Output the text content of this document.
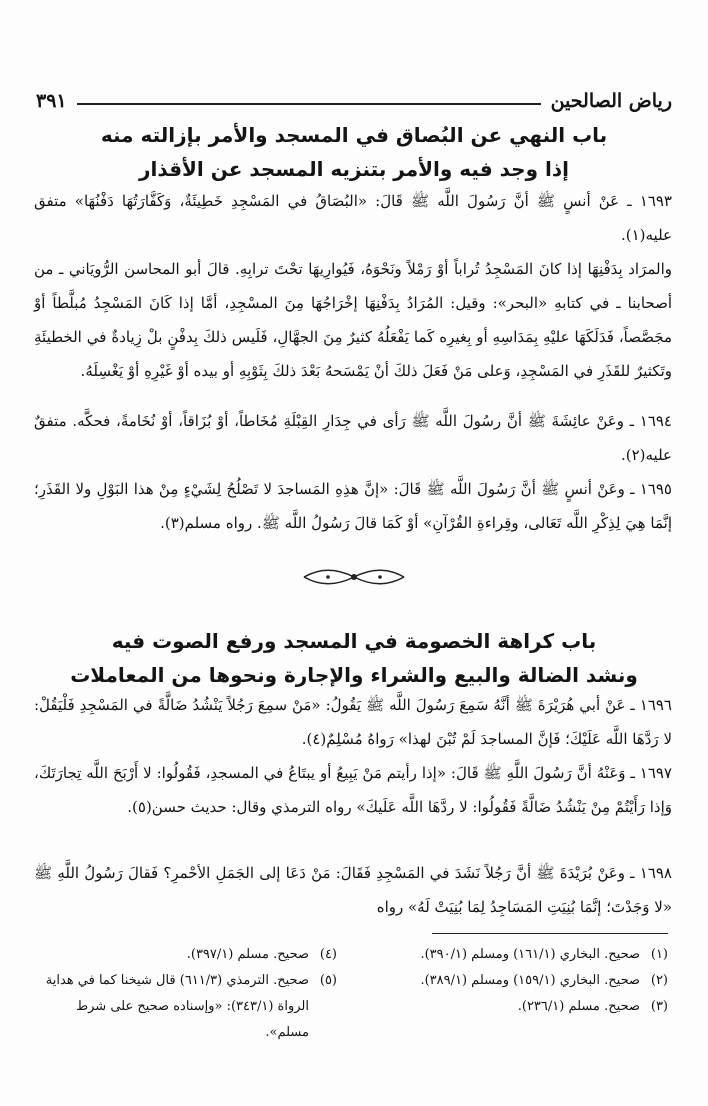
رياض الصالحين
٣٩١
باب النهي عن البُصاق في المسجد والأمر بإزالته منه
إذا وجد فيه والأمر بتنزيه المسجد عن الأقذار
١٦٩٣ ـ عَنْ أنسٍ ﷺ أنَّ رَسُولَ اللَّه ﷺ قَالَ: «البُصَاقُ في المَسْجِدِ خَطِيئَةٌ، وَكَفَّارَتُهَا دَفْنُهَا» متفق عليه(١).
والمرَاد بِدَفْنِهَا إذا كانَ المَسْجِدُ تُراباً أوْ رَمْلاً ونَحْوَهُ، فَيُوارِيهَا تحْتَ ترابِهِ. قالَ أبو المحاسن الرُّويَاني ـ من أصحابنا ـ في كتابهِ «البحر»: وقيل: المُرَادُ بِدَفْنِهَا إخْرَاجُهَا مِنَ المسْجِدِ، أمَّا إذا كَانَ المَسْجِدُ مُبلَّطاً أوْ مجَصَّصاً، فَدَلَكَهَا عليْهِ بِمَدَاسِهِ أو بِغيرِه كَما يَفْعَلُهُ كثيرٌ مِنَ الجهَّالِ، فَلَيس ذلكَ بِدفْنٍ بلْ زِيادةٌ في الخطيئَةِ وتَكثيرٌ للقَذَرِ في المَسْجِدِ، وَعلى مَنْ فَعَلَ ذلكَ أنْ يَمْسَحهُ بَعْدَ ذلكَ بِثَوْبِهِ أو بيده أوْ غَيْرِهِ أوْ يَغْسِلَهُ.
١٦٩٤ ـ وعَنْ عائِشَةَ ﷺ أنَّ رسُولَ اللَّه ﷺ رَأى في جِدَارِ القِبْلَةِ مُخَاطاً، أوْ بُزَاقاً، أوْ نُخَامةً، فحكَّه. متفقٌ عليه(٢).
١٦٩٥ ـ وعَنْ أنسٍ ﷺ أنَّ رَسُولَ اللَّه ﷺ قَالَ: «إنَّ هذِهِ المَساجدَ لا تَصْلُحُ لِشَيْءٍ مِنْ هذا البَوْلِ ولا القَذَرِ؛ إنَّمَا هِيَ لِذِكْرِ اللَّه تَعَالى، وقِراءةِ القُرْآنِ» أوْ كَمَا قالَ رَسُولُ اللَّه ﷺ. رواه مسلم(٣).
باب كراهة الخصومة في المسجد ورفع الصوت فيه
ونشد الضالة والبيع والشراء والإجارة ونحوها من المعاملات
١٦٩٦ ـ عَنْ أبي هُرَيْرَةَ ﷺ أنَّهُ سَمِعَ رَسُولَ اللَّه ﷺ يَقُولُ: «مَنْ سمِعَ رَجُلاً يَنْشُدُ ضَالَّةً في المَسْجِدِ فَلْيَقُلْ: لا رَدَّهَا اللَّه عَلَيْكَ؛ فَإنَّ المساجدَ لَمْ تُبْنَ لهذا» رَواهُ مُسْلِمٌ(٤).
١٦٩٧ ـ وَعَنْهُ أنَّ رَسُولَ اللَّهِ ﷺ قَالَ: «إذا رأيتم مَنْ يَبِيعُ أو يبتَاعُ في المسجدِ، فَقُولُوا: لا أَرْبَحَ اللَّه تِجارَتَكَ، وَإذا رَأَيْتُمْ مِنْ يَنْشُدُ ضَالَّةً فَقُولُوا: لا ردَّهَا اللَّه عَلَيكَ» رواه الترمذي وقال: حديث حسن(٥).
١٦٩٨ ـ وعَنْ بُرَيْدَةَ ﷺ أنَّ رَجُلاً نَشَدَ في المَسْجِدِ فَقَالَ: مَنْ دَعَا إلى الجَمَلِ الأحْمرِ؟ فَقالَ رَسُولُ اللَّهِ ﷺ «لا وَجَدْتَ؛ إنَّمَا بُنِيَتِ المَسَاجِدُ لِمَا بُنِيَتْ لَهُ» رواه
(١)
صحيح. البخاري (١٦١/١) ومسلم (٣٩٠/١).
(٢)
صحيح. البخاري (١٥٩/١) ومسلم (٣٨٩/١).
(٣)
صحيح. مسلم (٢٣٦/١).
(٤)
صحيح. مسلم (٣٩٧/١).
(٥)
صحيح. الترمذي (٦١١/٣) قال شيخنا كما في هداية الرواة (٣٤٣/١): «وإسناده صحيح على شرط مسلم».
